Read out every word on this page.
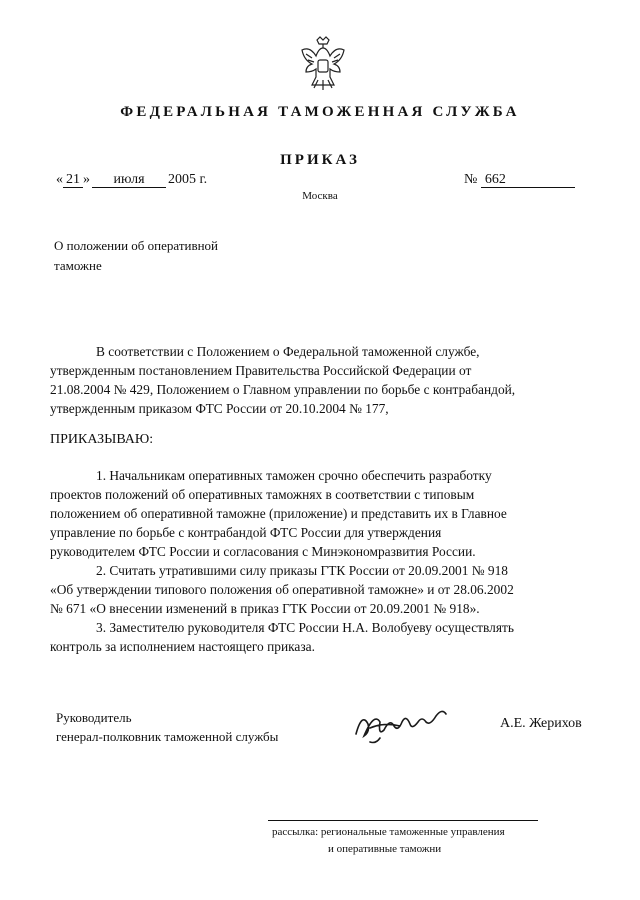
ФЕДЕРАЛЬНАЯ ТАМОЖЕННАЯ СЛУЖБА
ПРИКАЗ
« 21 » июля 2005 г.
Москва
№ 662
О положении об оперативной
таможне
В соответствии с Положением о Федеральной таможенной службе,
утвержденным постановлением Правительства Российской Федерации от
21.08.2004 № 429, Положением о Главном управлении по борьбе с контрабандой,
утвержденным приказом ФТС России от 20.10.2004 № 177,
ПРИКАЗЫВАЮ:
1. Начальникам оперативных таможен срочно обеспечить разработку
проектов положений об оперативных таможнях в соответствии с типовым
положением об оперативной таможне (приложение) и представить их в Главное
управление по борьбе с контрабандой ФТС России для утверждения
руководителем ФТС России и согласования с Минэкономразвития России.
2. Считать утратившими силу приказы ГТК России от 20.09.2001 № 918
«Об утверждении типового положения об оперативной таможне» и от 28.06.2002
№ 671 «О внесении изменений в приказ ГТК России от 20.09.2001 № 918».
3. Заместителю руководителя ФТС России Н.А. Волобуеву осуществлять
контроль за исполнением настоящего приказа.
Руководитель
генерал-полковник таможенной службы
А.Е. Жерихов
рассылка: региональные таможенные управления
и оперативные таможни
